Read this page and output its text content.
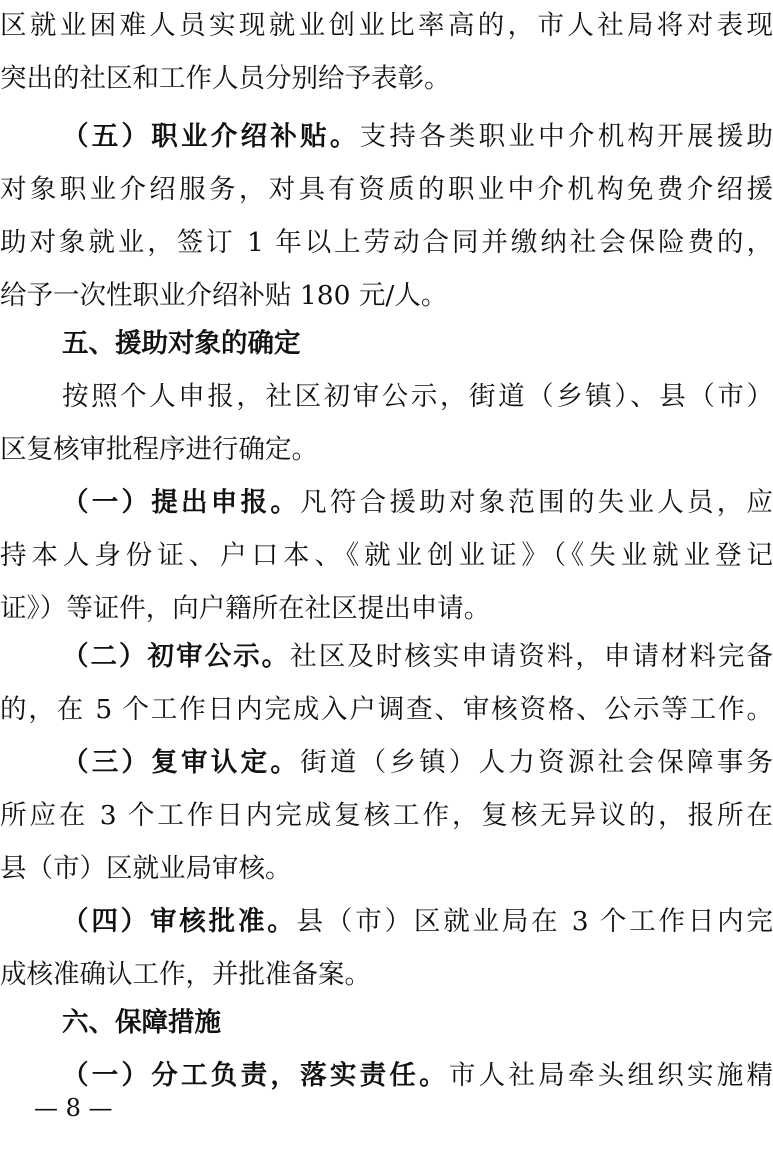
区就业困难人员实现就业创业比率高的，市人社局将对表现
突出的社区和工作人员分别给予表彰。
（五）职业介绍补贴。支持各类职业中介机构开展援助
对象职业介绍服务，对具有资质的职业中介机构免费介绍援
助对象就业，签订 1 年以上劳动合同并缴纳社会保险费的，
给予一次性职业介绍补贴 180 元/人。
五、援助对象的确定
按照个人申报，社区初审公示，街道（乡镇）、县（市）
区复核审批程序进行确定。
（一）提出申报。凡符合援助对象范围的失业人员，应
持本人身份证、户口本、《就业创业证》（《失业就业登记
证》）等证件，向户籍所在社区提出申请。
（二）初审公示。社区及时核实申请资料，申请材料完备
的，在 5 个工作日内完成入户调查、审核资格、公示等工作。
（三）复审认定。街道（乡镇）人力资源社会保障事务
所应在 3 个工作日内完成复核工作，复核无异议的，报所在
县（市）区就业局审核。
（四）审核批准。县（市）区就业局在 3 个工作日内完
成核准确认工作，并批准备案。
六、保障措施
（一）分工负责，落实责任。市人社局牵头组织实施精
— 8 —
